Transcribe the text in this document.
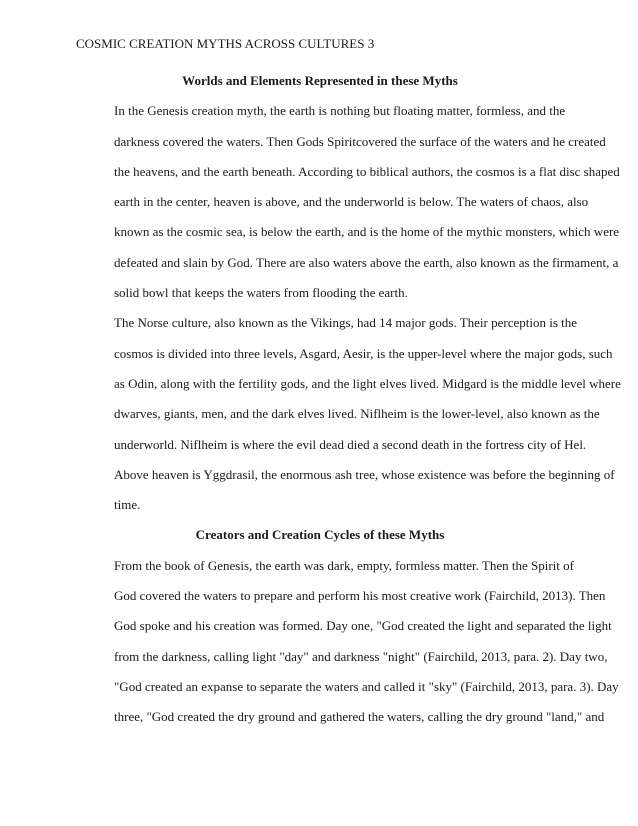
COSMIC CREATION MYTHS ACROSS CULTURES 3
Worlds and Elements Represented in these Myths
In the Genesis creation myth, the earth is nothing but floating matter, formless, and the
darkness covered the waters. Then Gods Spiritcovered the surface of the waters and he created
the heavens, and the earth beneath. According to biblical authors, the cosmos is a flat disc shaped
earth in the center, heaven is above, and the underworld is below. The waters of chaos, also
known as the cosmic sea, is below the earth, and is the home of the mythic monsters, which were
defeated and slain by God. There are also waters above the earth, also known as the firmament, a
solid bowl that keeps the waters from flooding the earth.
The Norse culture, also known as the Vikings, had 14 major gods. Their perception is the
cosmos is divided into three levels, Asgard, Aesir, is the upper-level where the major gods, such
as Odin, along with the fertility gods, and the light elves lived. Midgard is the middle level where
dwarves, giants, men, and the dark elves lived. Niflheim is the lower-level, also known as the
underworld. Niflheim is where the evil dead died a second death in the fortress city of Hel.
Above heaven is Yggdrasil, the enormous ash tree, whose existence was before the beginning of
time.
Creators and Creation Cycles of these Myths
From the book of Genesis, the earth was dark, empty, formless matter. Then the Spirit of
God covered the waters to prepare and perform his most creative work (Fairchild, 2013). Then
God spoke and his creation was formed. Day one, "God created the light and separated the light
from the darkness, calling light "day" and darkness "night" (Fairchild, 2013, para. 2). Day two,
"God created an expanse to separate the waters and called it "sky" (Fairchild, 2013, para. 3). Day
three, "God created the dry ground and gathered the waters, calling the dry ground "land," and
